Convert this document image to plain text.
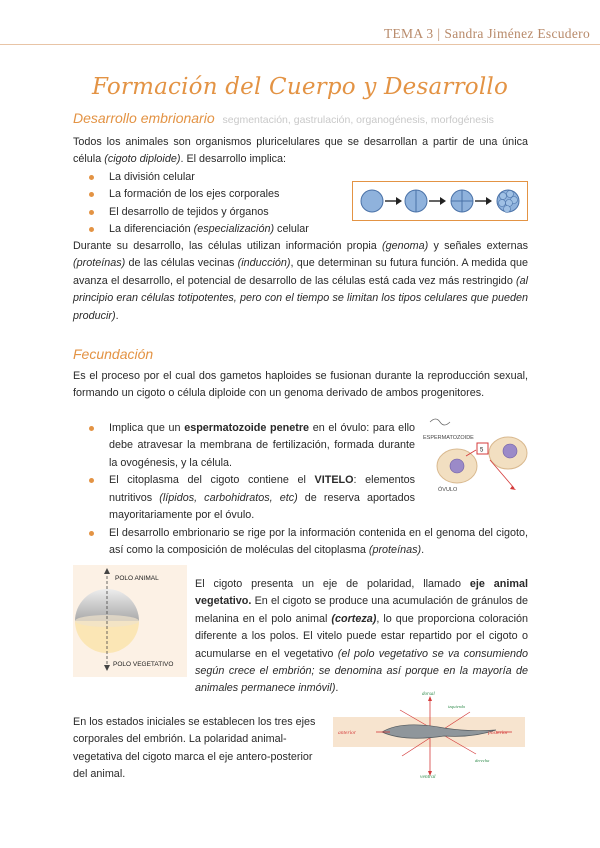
TEMA 3 | Sandra Jiménez Escudero
Formación del Cuerpo y Desarrollo
Desarrollo embrionario segmentación, gastrulación, organogénesis, morfogénesis
Todos los animales son organismos pluricelulares que se desarrollan a partir de una única célula (cigoto diploide). El desarrollo implica:
La división celular
La formación de los ejes corporales
El desarrollo de tejidos y órganos
La diferenciación (especialización) celular
Durante su desarrollo, las células utilizan información propia (genoma) y señales externas (proteínas) de las células vecinas (inducción), que determinan su futura función. A medida que avanza el desarrollo, el potencial de desarrollo de las células está cada vez más restringido (al principio eran células totipotentes, pero con el tiempo se limitan los tipos celulares que pueden producir).
Fecundación
Es el proceso por el cual dos gametos haploides se fusionan durante la reproducción sexual, formando un cigoto o célula diploide con un genoma derivado de ambos progenitores.
Implica que un espermatozoide penetre en el óvulo: para ello debe atravesar la membrana de fertilización, formada durante la ovogénesis, y la célula.
El citoplasma del cigoto contiene el VITELO: elementos nutritivos (lípidos, carbohidratos, etc) de reserva aportados mayoritariamente por el óvulo.
El desarrollo embrionario se rige por la información contenida en el genoma del cigoto, así como la composición de moléculas del citoplasma (proteínas).
ESPERMATOZOIDE
5
ÓVULO
POLO ANIMAL
POLO VEGETATIVO
El cigoto presenta un eje de polaridad, llamado eje animal vegetativo. En el cigoto se produce una acumulación de gránulos de melanina en el polo animal (corteza), lo que proporciona coloración diferente a los polos. El vitelo puede estar repartido por el cigoto o acumularse en el vegetativo (el polo vegetativo se va consumiendo según crece el embrión; se denomina así porque en la mayoría de animales permanece inmóvil).
En los estados iniciales se establecen los tres ejes corporales del embrión. La polaridad animal-vegetativa del cigoto marca el eje antero-posterior del animal.
anterior	posterior
dorsal
ventral
izquierda
derecha
